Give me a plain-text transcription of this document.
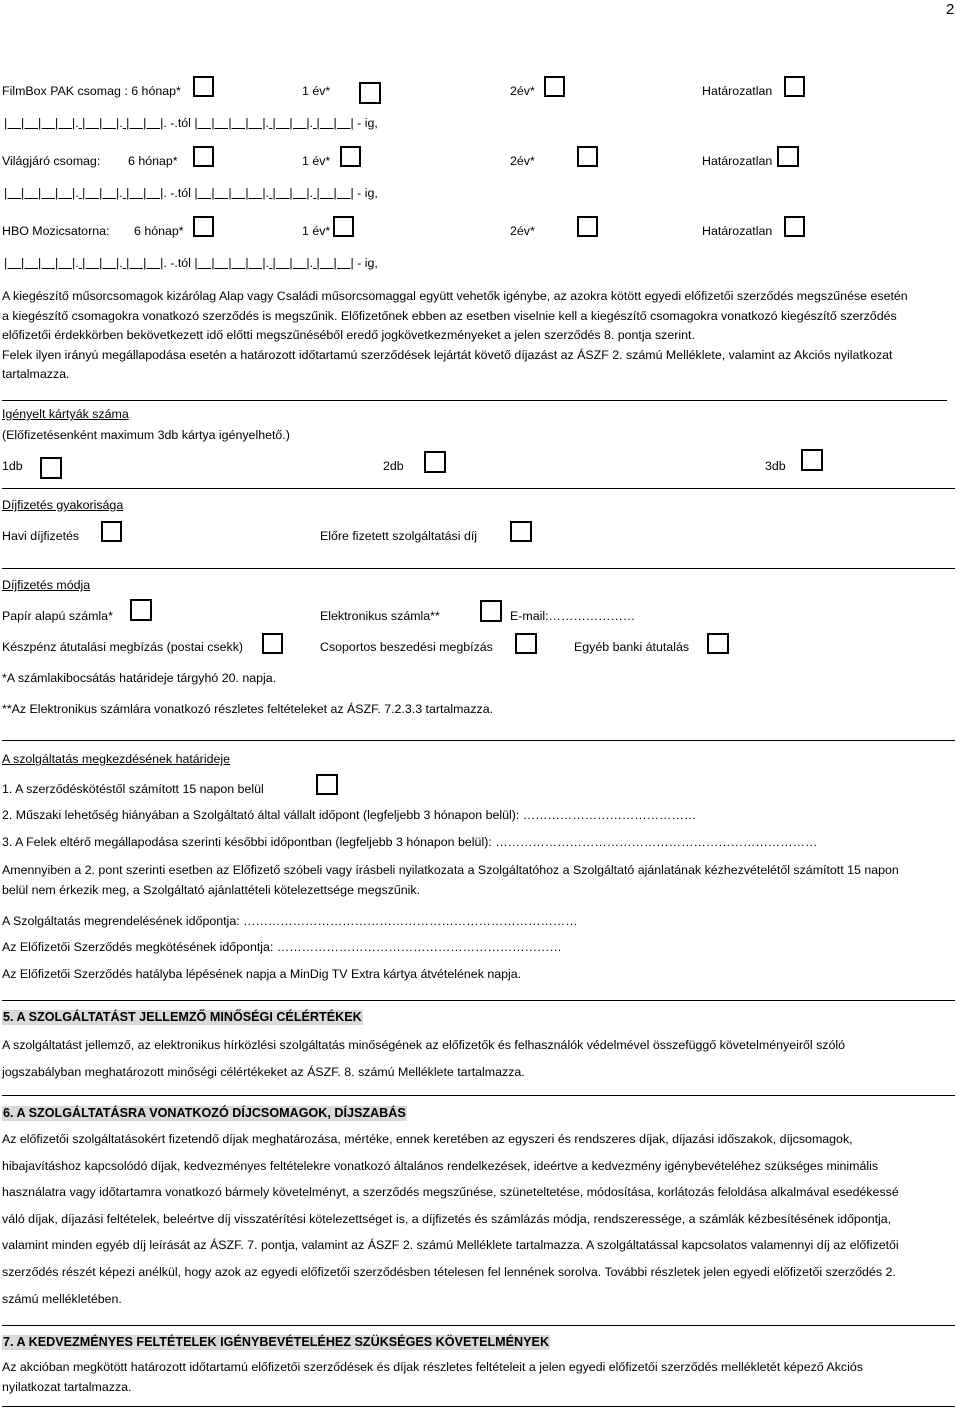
2
FilmBox PAK csomag : 6 hónap*	1 év*	2év*	Határozatlan
|    |    |    |    |. |    |    |. |    |    |. -.tól |    |    |    |    |. |    |    |. |    |    | - ig,
Világjáró csomag: 6 hónap*	1 év*	2év*	Határozatlan
|    |    |    |    |. |    |    |. |    |    |. -.tól |    |    |    |    |. |    |    |. |    |    | - ig,
HBO Mozicsatorna: 6 hónap*	1 év*	2év*	Határozatlan
|    |    |    |    |. |    |    |. |    |    |. -.tól |    |    |    |    |. |    |    |. |    |    | - ig,
A kiegészítő műsorcsomagok kizárólag Alap vagy Családi műsorcsomaggal együtt vehetők igénybe, az azokra kötött egyedi előfizetői szerződés megszűnése esetén
a kiegészítő csomagokra vonatkozó szerződés is megszűnik. Előfizetőnek ebben az esetben viselnie kell a kiegészítő csomagokra vonatkozó kiegészítő szerződés
előfizetői érdekkörben bekövetkezett idő előtti megszűnéséből eredő jogkövetkezményeket a jelen szerződés 8. pontja szerint.
Felek ilyen irányú megállapodása esetén a határozott időtartamú szerződések lejártát követő díjazást az ÁSZF 2. számú Melléklete, valamint az Akciós nyilatkozat
tartalmazza.
Igényelt kártyák száma
(Előfizetésenként maximum 3db kártya igényelhető.)
1db	2db	3db
Díjfizetés gyakorisága
Havi díjfizetés	Előre fizetett szolgáltatási díj
Díjfizetés módja
Papír alapú számla*	Elektronikus számla**	E-mail:…………………
Készpénz átutalási megbízás (postai csekk)	Csoportos beszedési megbízás	Egyéb banki átutalás
*A számlakibocsátás határideje tárgyhó 20. napja.
**Az Elektronikus számlára vonatkozó részletes feltételeket az ÁSZF. 7.2.3.3 tartalmazza.
A szolgáltatás megkezdésének határideje
1. A szerződéskötéstől számított 15 napon belül
2. Műszaki lehetőség hiányában a Szolgáltató által vállalt időpont (legfeljebb 3 hónapon belül): ……………………………………
3. A Felek eltérő megállapodása szerinti későbbi időpontban (legfeljebb 3 hónapon belül): ……………………………………………………………………
Amennyiben a 2. pont szerinti esetben az Előfizető szóbeli vagy írásbeli nyilatkozata a Szolgáltatóhoz a Szolgáltató ajánlatának kézhezvételétől számított 15 napon
belül nem érkezik meg, a Szolgáltató ajánlattételi kötelezettsége megszűnik.
A Szolgáltatás megrendelésének időpontja: ………………………………………………………………………
Az Előfizetői Szerződés megkötésének időpontja: ……………………………………………………………
Az Előfizetői Szerződés hatályba lépésének napja a MinDig TV Extra kártya átvételének napja.
5. A SZOLGÁLTATÁST JELLEMZŐ MINŐSÉGI CÉLÉRTÉKEK
A szolgáltatást jellemző, az elektronikus hírközlési szolgáltatás minőségének az előfizetők és felhasználók védelmével összefüggő követelményeiről szóló
jogszabályban meghatározott minőségi célértékeket az ÁSZF. 8. számú Melléklete tartalmazza.
6. A SZOLGÁLTATÁSRA VONATKOZÓ DÍJCSOMAGOK, DÍJSZABÁS
Az előfizetői szolgáltatásokért fizetendő díjak meghatározása, mértéke, ennek keretében az egyszeri és rendszeres díjak, díjazási időszakok, díjcsomagok,
hibajavításhoz kapcsolódó díjak, kedvezményes feltételekre vonatkozó általános rendelkezések, ideértve a kedvezmény igénybevételéhez szükséges minimális
használatra vagy időtartamra vonatkozó bármely követelményt, a szerződés megszűnése, szüneteltetése, módosítása, korlátozás feloldása alkalmával esedékessé
váló díjak, díjazási feltételek, beleértve díj visszatérítési kötelezettséget is, a díjfizetés és számlázás módja, rendszeressége, a számlák kézbesítésének időpontja,
valamint minden egyéb díj leírását az ÁSZF. 7. pontja, valamint az ÁSZF 2. számú Melléklete tartalmazza. A szolgáltatással kapcsolatos valamennyi díj az előfizetői
szerződés részét képezi anélkül, hogy azok az egyedi előfizetői szerződésben tételesen fel lennének sorolva. További részletek jelen egyedi előfizetői szerződés 2.
számú mellékletében.
7. A KEDVEZMÉNYES FELTÉTELEK IGÉNYBEVÉTELÉHEZ SZÜKSÉGES KÖVETELMÉNYEK
Az akcióban megkötött határozott időtartamú előfizetői szerződések és díjak részletes feltételeit a jelen egyedi előfizetői szerződés mellékletét képező Akciós
nyilatkozat tartalmazza.
